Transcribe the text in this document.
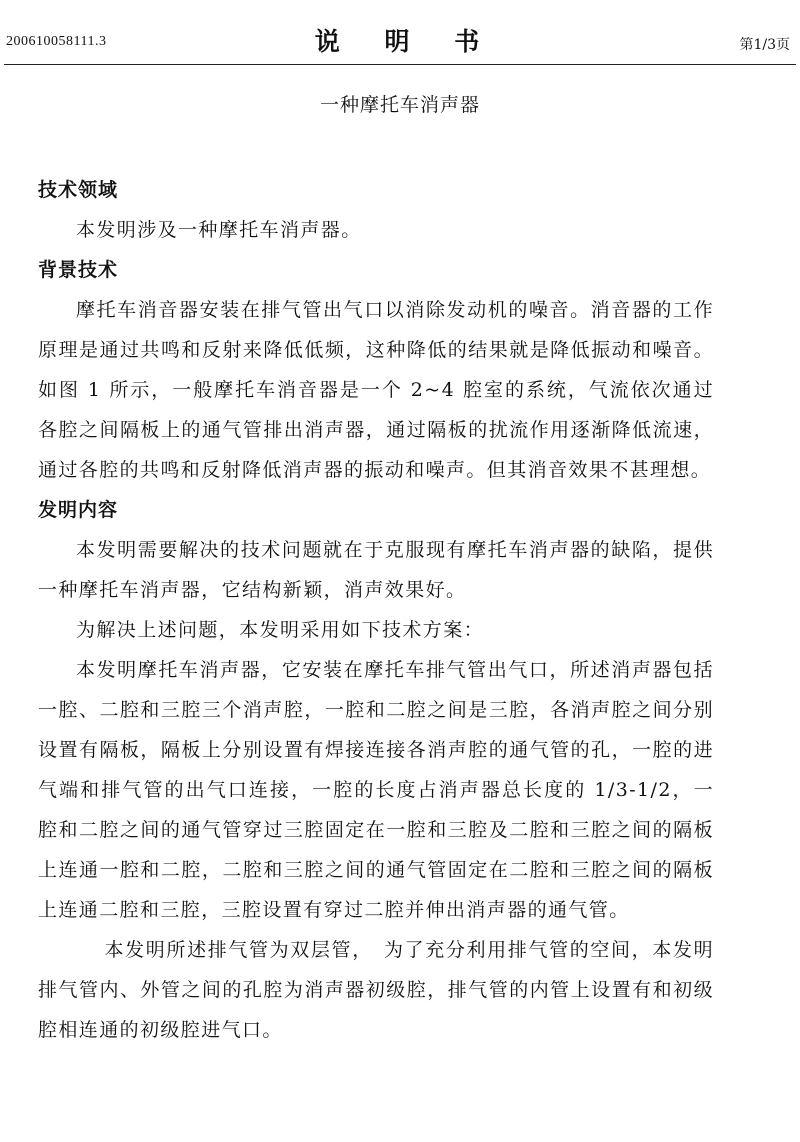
200610058111.3	说 明 书	第1/3页
一种摩托车消声器
技术领域

本发明涉及一种摩托车消声器。

背景技术

摩托车消音器安装在排气管出气口以消除发动机的噪音。消音器的工作原理是通过共鸣和反射来降低低频，这种降低的结果就是降低振动和噪音。如图 1 所示，一般摩托车消音器是一个 2~4 腔室的系统，气流依次通过各腔之间隔板上的通气管排出消声器，通过隔板的扰流作用逐渐降低流速，通过各腔的共鸣和反射降低消声器的振动和噪声。但其消音效果不甚理想。

发明内容

本发明需要解决的技术问题就在于克服现有摩托车消声器的缺陷，提供一种摩托车消声器，它结构新颖，消声效果好。

为解决上述问题，本发明采用如下技术方案：

本发明摩托车消声器，它安装在摩托车排气管出气口，所述消声器包括一腔、二腔和三腔三个消声腔，一腔和二腔之间是三腔，各消声腔之间分别设置有隔板，隔板上分别设置有焊接连接各消声腔的通气管的孔，一腔的进气端和排气管的出气口连接，一腔的长度占消声器总长度的 1/3-1/2，一腔和二腔之间的通气管穿过三腔固定在一腔和三腔及二腔和三腔之间的隔板上连通一腔和二腔，二腔和三腔之间的通气管固定在二腔和三腔之间的隔板上连通二腔和三腔，三腔设置有穿过二腔并伸出消声器的通气管。

本发明所述排气管为双层管，　为了充分利用排气管的空间，本发明排气管内、外管之间的孔腔为消声器初级腔，排气管的内管上设置有和初级腔相连通的初级腔进气口。
